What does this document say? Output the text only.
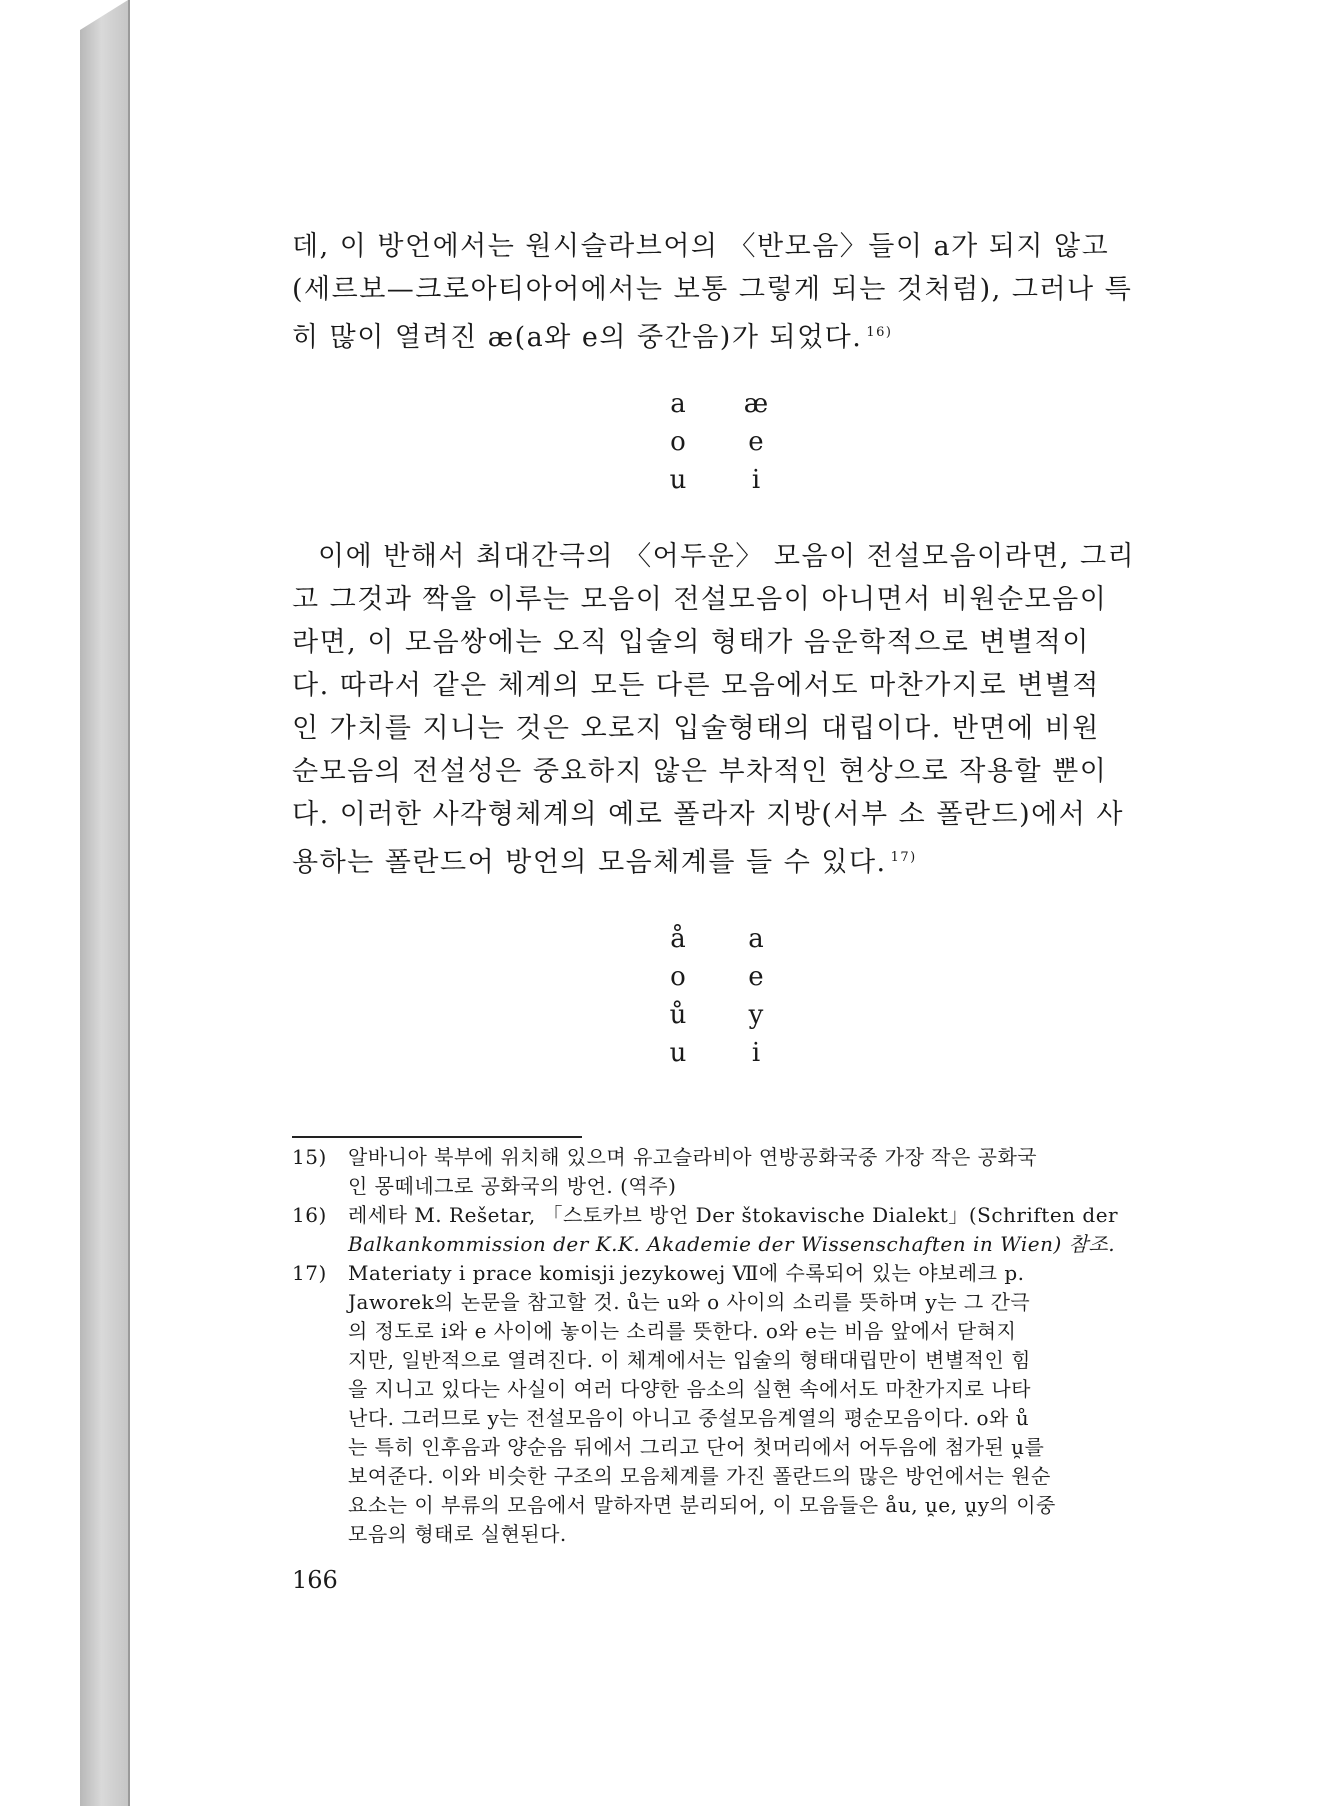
데, 이 방언에서는 원시슬라브어의 〈반모음〉들이 a가 되지 않고
(세르보—크로아티아어에서는 보통 그렇게 되는 것처럼), 그러나 특
히 많이 열려진 æ(a와 e의 중간음)가 되었다. $^{16)}$

a	æ
o	e
u	i

이에 반해서 최대간극의 〈어두운〉 모음이 전설모음이라면, 그리
고 그것과 짝을 이루는 모음이 전설모음이 아니면서 비원순모음이
라면, 이 모음쌍에는 오직 입술의 형태가 음운학적으로 변별적이
다. 따라서 같은 체계의 모든 다른 모음에서도 마찬가지로 변별적
인 가치를 지니는 것은 오로지 입술형태의 대립이다. 반면에 비원
순모음의 전설성은 중요하지 않은 부차적인 현상으로 작용할 뿐이
다. 이러한 사각형체계의 예로 폴라자 지방(서부 소 폴란드)에서 사
용하는 폴란드어 방언의 모음체계를 들 수 있다. $^{17)}$

å	a
o	e
ů	y
u	i
15)	알바니아 북부에 위치해 있으며 유고슬라비아 연방공화국중 가장 작은 공화국
인 몽떼네그로 공화국의 방언. (역주)
16)	레세타 M. Rešetar, 「스토카브 방언 Der štokavische Dialekt」(Schriften der
Balkankommission der K.K. Akademie der Wissenschaften in Wien) 참조.
17)	Materiaty i prace komisji jezykowej Ⅶ에 수록되어 있는 야보레크 p.
Jaworek의 논문을 참고할 것. ů는 u와 o 사이의 소리를 뜻하며 y는 그 간극
의 정도로 i와 e 사이에 놓이는 소리를 뜻한다. o와 e는 비음 앞에서 닫혀지
지만, 일반적으로 열려진다. 이 체계에서는 입술의 형태대립만이 변별적인 힘
을 지니고 있다는 사실이 여러 다양한 음소의 실현 속에서도 마찬가지로 나타
난다. 그러므로 y는 전설모음이 아니고 중설모음계열의 평순모음이다. o와 ů
는 특히 인후음과 양순음 뒤에서 그리고 단어 첫머리에서 어두음에 첨가된 u̯를
보여준다. 이와 비슷한 구조의 모음체계를 가진 폴란드의 많은 방언에서는 원순
요소는 이 부류의 모음에서 말하자면 분리되어, 이 모음들은 åu, u̯e, u̯y의 이중
모음의 형태로 실현된다.
166
